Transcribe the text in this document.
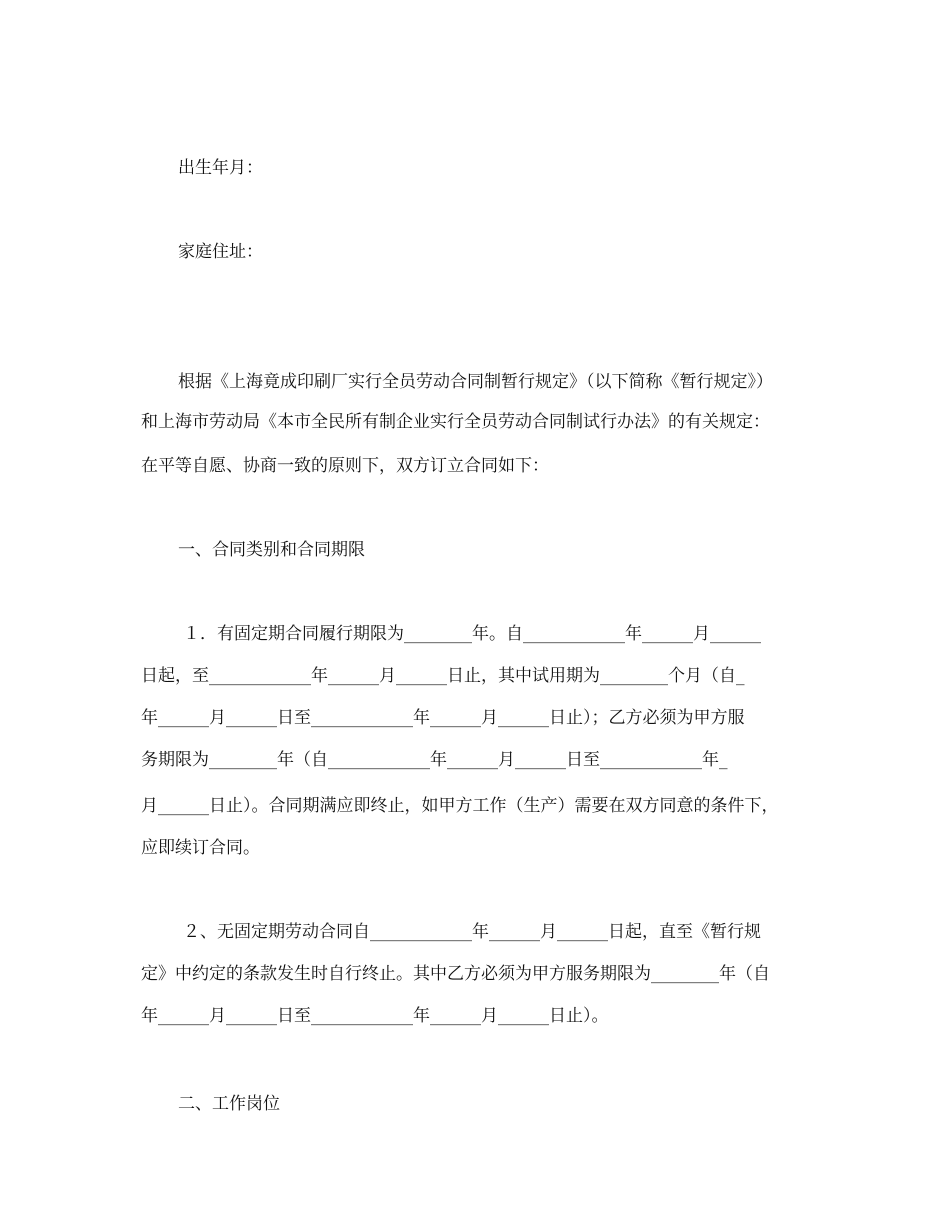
出生年月：
家庭住址：
根据《上海竟成印刷厂实行全员劳动合同制暂行规定》（以下简称《暂行规定》）
和上海市劳动局《本市全民所有制企业实行全员劳动合同制试行办法》的有关规定：
在平等自愿、协商一致的原则下，双方订立合同如下：
一、合同类别和合同期限
１．有固定期合同履行期限为________年。自____________年______月______
日起，至____________年______月______日止，其中试用期为________个月（自_
年______月______日至____________年______月______日止）；乙方必须为甲方服
务期限为________年（自____________年______月______日至____________年_
月______日止）。合同期满应即终止，如甲方工作（生产）需要在双方同意的条件下，
应即续订合同。
２、无固定期劳动合同自____________年______月______日起，直至《暂行规
定》中约定的条款发生时自行终止。其中乙方必须为甲方服务期限为________年（自
年______月______日至____________年______月______日止）。
二、工作岗位
